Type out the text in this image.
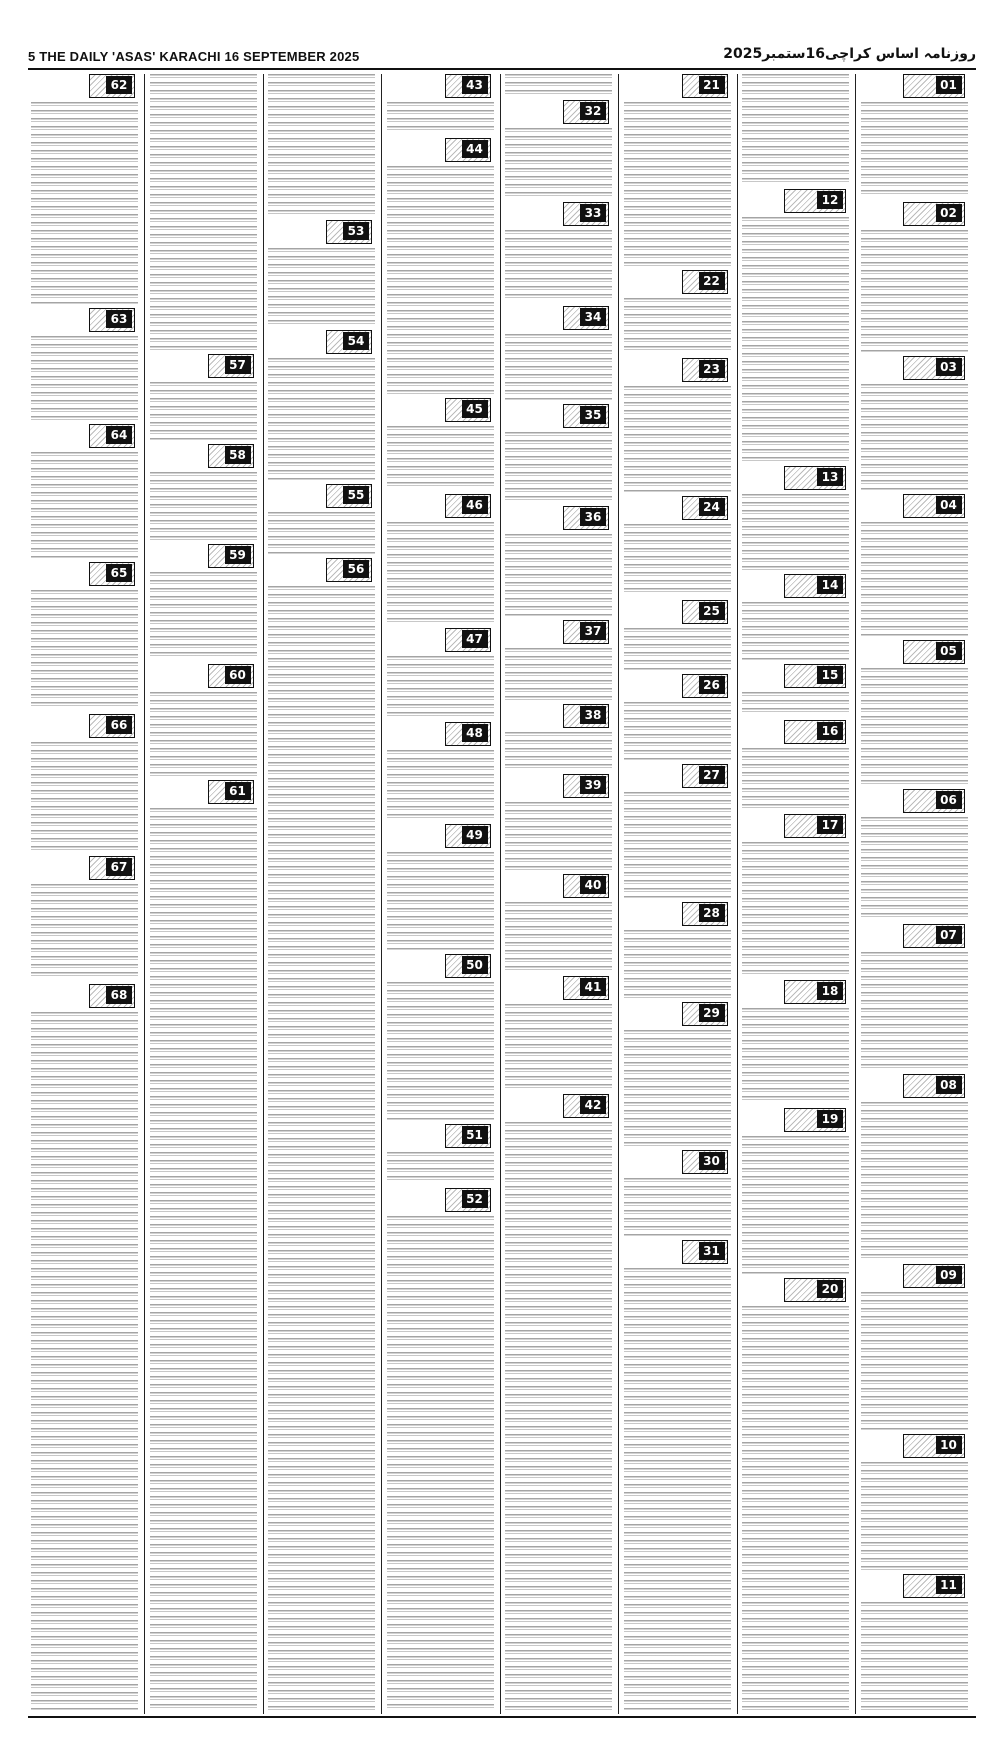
5 THE DAILY 'ASAS' KARACHI 16 SEPTEMBER 2025	روزنامہ اساس کراچی16ستمبر2025
01
02
03
04
05
06
07
08
09
10
11
12
13
14
15
16
17
18
19
20
21
22
23
24
25
26
27
28
29
30
31
32
33
34
35
36
37
38
39
40
41
42
43
44
45
46
47
48
49
50
51
52
53
54
55
56
57
58
59
60
61
62
63
64
65
66
67
68
